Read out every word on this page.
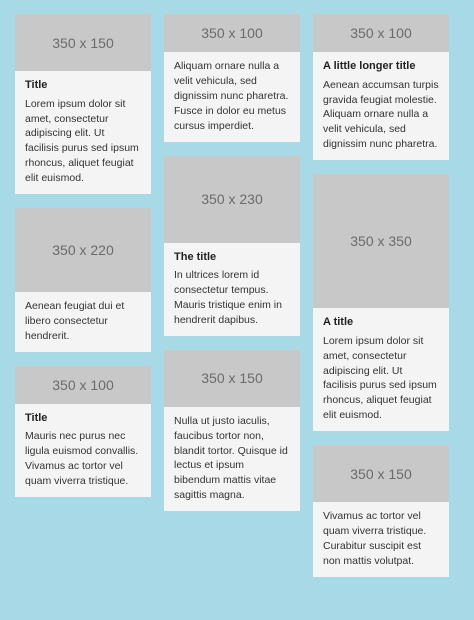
350 x 150
Title

Lorem ipsum dolor sit amet, consectetur adipiscing elit. Ut facilisis purus sed ipsum rhoncus, aliquet feugiat elit euismod.

350 x 220

Aenean feugiat dui et libero consectetur hendrerit.

350 x 100
Title

Mauris nec purus nec ligula euismod convallis. Vivamus ac tortor vel quam viverra tristique.

350 x 100

Aliquam ornare nulla a velit vehicula, sed dignissim nunc pharetra. Fusce in dolor eu metus cursus imperdiet.

350 x 230
The title

In ultrices lorem id consectetur tempus. Mauris tristique enim in hendrerit dapibus.

350 x 150

Nulla ut justo iaculis, faucibus tortor non, blandit tortor. Quisque id lectus et ipsum bibendum mattis vitae sagittis magna.

350 x 100
A little longer title

Aenean accumsan turpis gravida feugiat molestie. Aliquam ornare nulla a velit vehicula, sed dignissim nunc pharetra.

350 x 350
A title

Lorem ipsum dolor sit amet, consectetur adipiscing elit. Ut facilisis purus sed ipsum rhoncus, aliquet feugiat elit euismod.

350 x 150

Vivamus ac tortor vel quam viverra tristique. Curabitur suscipit est non mattis volutpat.
